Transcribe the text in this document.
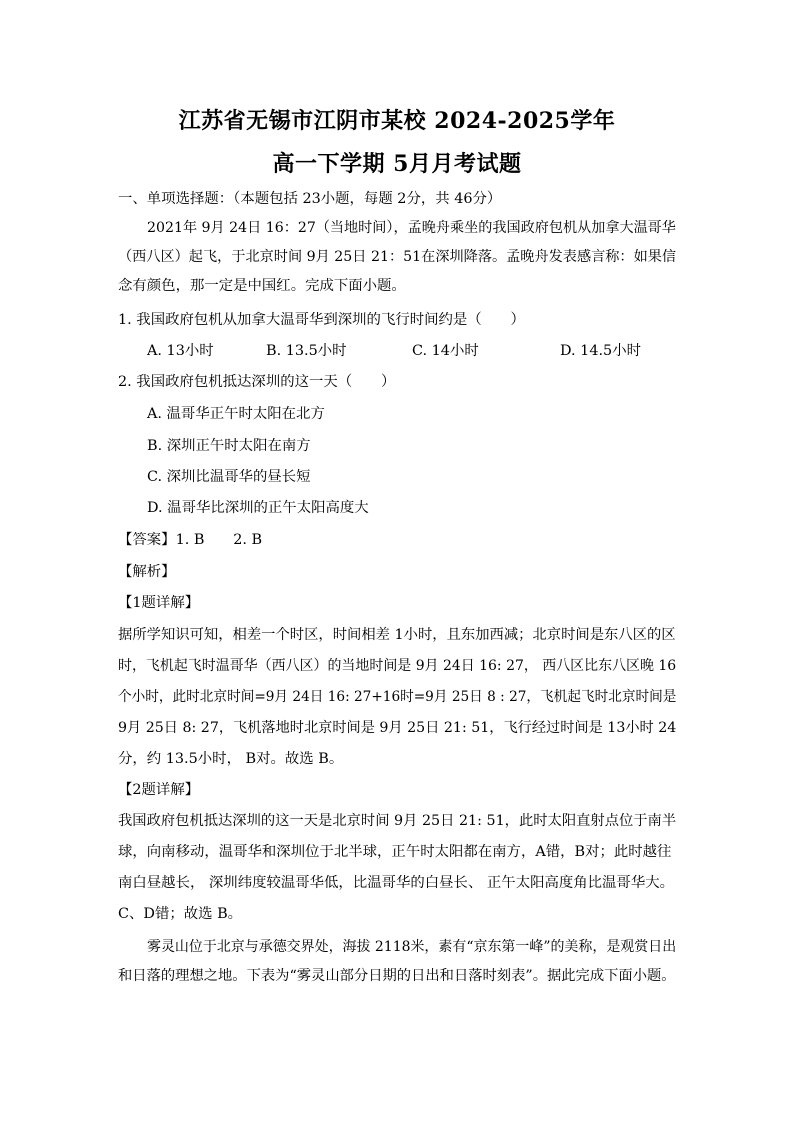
江苏省无锡市江阴市某校 2024-2025学年
高一下学期 5月月考试题
一、单项选择题：（本题包括 23小题，每题 2分，共 46分）
2021年 9月 24日 16：27（当地时间），孟晚舟乘坐的我国政府包机从加拿大温哥华
（西八区）起飞，于北京时间 9月 25日 21：51在深圳降落。孟晚舟发表感言称：如果信
念有颜色，那一定是中国红。完成下面小题。
1. 我国政府包机从加拿大温哥华到深圳的飞行时间约是（　　）
A. 13小时	B. 13.5小时	C. 14小时	D. 14.5小时
2. 我国政府包机抵达深圳的这一天（　　）
A. 温哥华正午时太阳在北方
B. 深圳正午时太阳在南方
C. 深圳比温哥华的昼长短
D. 温哥华比深圳的正午太阳高度大
【答案】1. B　　2. B
【解析】
【1题详解】
据所学知识可知，相差一个时区，时间相差 1小时，且东加西减；北京时间是东八区的区
时，飞机起飞时温哥华（西八区）的当地时间是 9月 24日 16: 27， 西八区比东八区晚 16
个小时，此时北京时间=9月 24日 16: 27+16时=9月 25日 8 : 27，飞机起飞时北京时间是
9月 25日 8: 27，飞机落地时北京时间是 9月 25日 21: 51，飞行经过时间是 13小时 24
分，约 13.5小时， B对。故选 B。
【2题详解】
我国政府包机抵达深圳的这一天是北京时间 9月 25日 21: 51，此时太阳直射点位于南半
球，向南移动，温哥华和深圳位于北半球，正午时太阳都在南方，A错，B对；此时越往
南白昼越长， 深圳纬度较温哥华低，比温哥华的白昼长、 正午太阳高度角比温哥华大。
C、D错；故选 B。
雾灵山位于北京与承德交界处，海拔 2118米，素有“京东第一峰”的美称，是观赏日出
和日落的理想之地。下表为“雾灵山部分日期的日出和日落时刻表”。据此完成下面小题。
